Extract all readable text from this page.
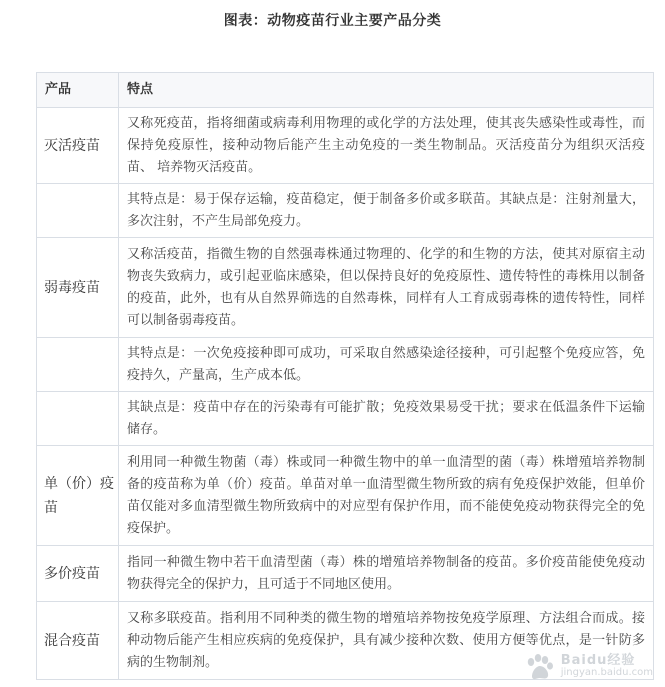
图表：动物疫苗行业主要产品分类
产品	特点
灭活疫苗	又称死疫苗，指将细菌或病毒利用物理的或化学的方法处理，使其丧失感染性或毒性，而保持免疫原性，接种动物后能产生主动免疫的一类生物制品。灭活疫苗分为组织灭活疫苗、 培养物灭活疫苗。
	其特点是：易于保存运输，疫苗稳定，便于制备多价或多联苗。其缺点是：注射剂量大，多次注射，不产生局部免疫力。
弱毒疫苗	又称活疫苗，指微生物的自然强毒株通过物理的、化学的和生物的方法，使其对原宿主动物丧失致病力，或引起亚临床感染，但以保持良好的免疫原性、遗传特性的毒株用以制备的疫苗，此外，也有从自然界筛选的自然毒株，同样有人工育成弱毒株的遗传特性，同样可以制备弱毒疫苗。
	其特点是：一次免疫接种即可成功，可采取自然感染途径接种，可引起整个免疫应答，免疫持久，产量高，生产成本低。
	其缺点是：疫苗中存在的污染毒有可能扩散；免疫效果易受干扰；要求在低温条件下运输储存。
单（价）疫苗	利用同一种微生物菌（毒）株或同一种微生物中的单一血清型的菌（毒）株增殖培养物制备的疫苗称为单（价）疫苗。单苗对单一血清型微生物所致的病有免疫保护效能，但单价苗仅能对多血清型微生物所致病中的对应型有保护作用，而不能使免疫动物获得完全的免疫保护。
多价疫苗	指同一种微生物中若干血清型菌（毒）株的增殖培养物制备的疫苗。多价疫苗能使免疫动物获得完全的保护力，且可适于不同地区使用。
混合疫苗	又称多联疫苗。指利用不同种类的微生物的增殖培养物按免疫学原理、方法组合而成。接种动物后能产生相应疾病的免疫保护，具有减少接种次数、使用方便等优点，是一针防多病的生物制剂。	Baidu经验
jingyan.baidu.com
